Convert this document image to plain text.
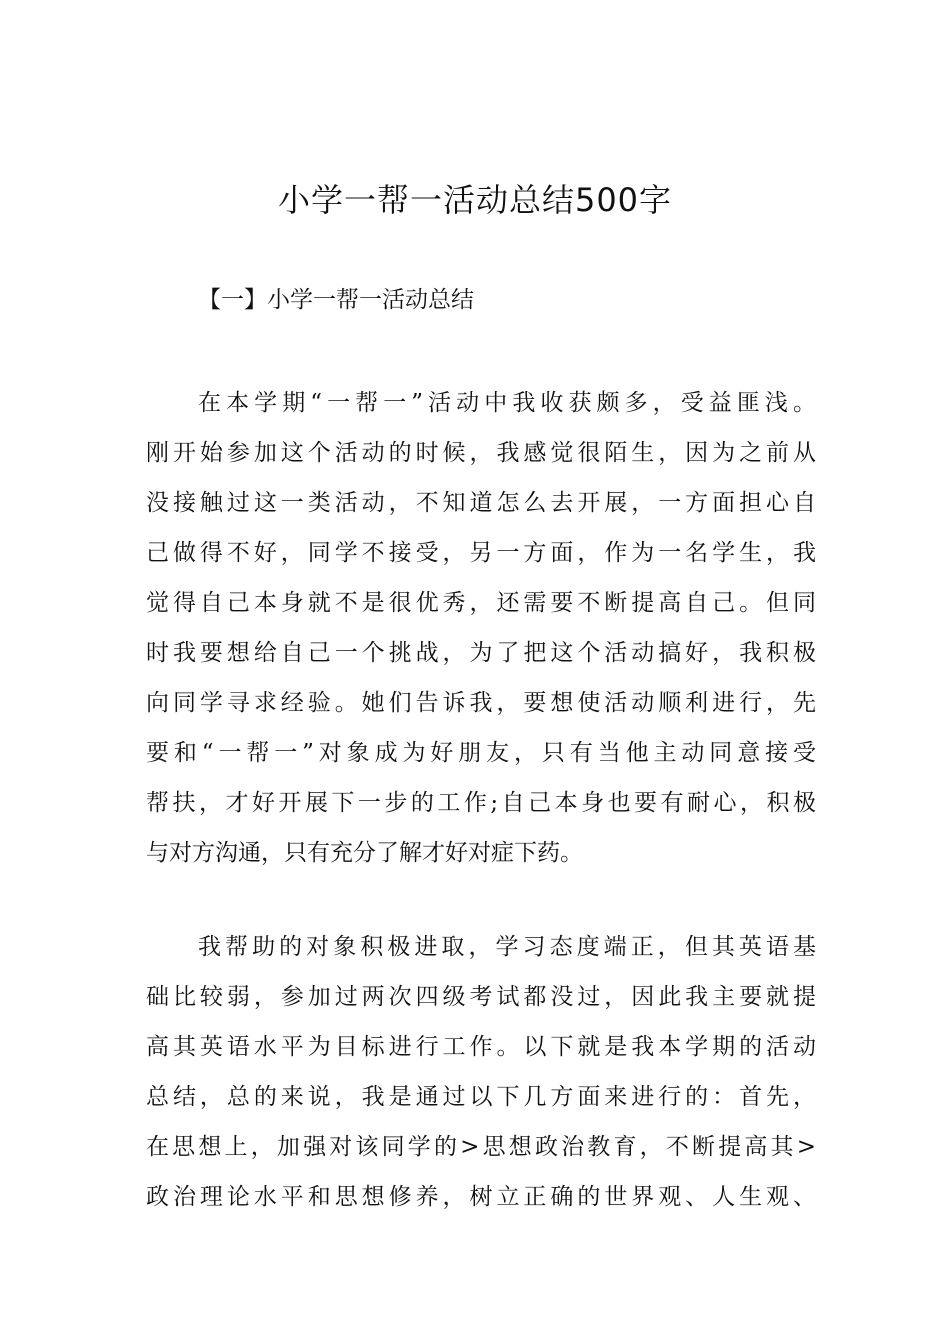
小学一帮一活动总结500字
【一】小学一帮一活动总结
在本学期“一帮一”活动中我收获颇多，受益匪浅。
刚开始参加这个活动的时候，我感觉很陌生，因为之前从
没接触过这一类活动，不知道怎么去开展，一方面担心自
己做得不好，同学不接受，另一方面，作为一名学生，我
觉得自己本身就不是很优秀，还需要不断提高自己。但同
时我要想给自己一个挑战，为了把这个活动搞好，我积极
向同学寻求经验。她们告诉我，要想使活动顺利进行，先
要和“一帮一”对象成为好朋友，只有当他主动同意接受
帮扶，才好开展下一步的工作;自己本身也要有耐心，积极
与对方沟通，只有充分了解才好对症下药。
我帮助的对象积极进取，学习态度端正，但其英语基
础比较弱，参加过两次四级考试都没过，因此我主要就提
高其英语水平为目标进行工作。以下就是我本学期的活动
总结，总的来说，我是通过以下几方面来进行的：首先，
在思想上，加强对该同学的>思想政治教育，不断提高其>
政治理论水平和思想修养，树立正确的世界观、人生观、
